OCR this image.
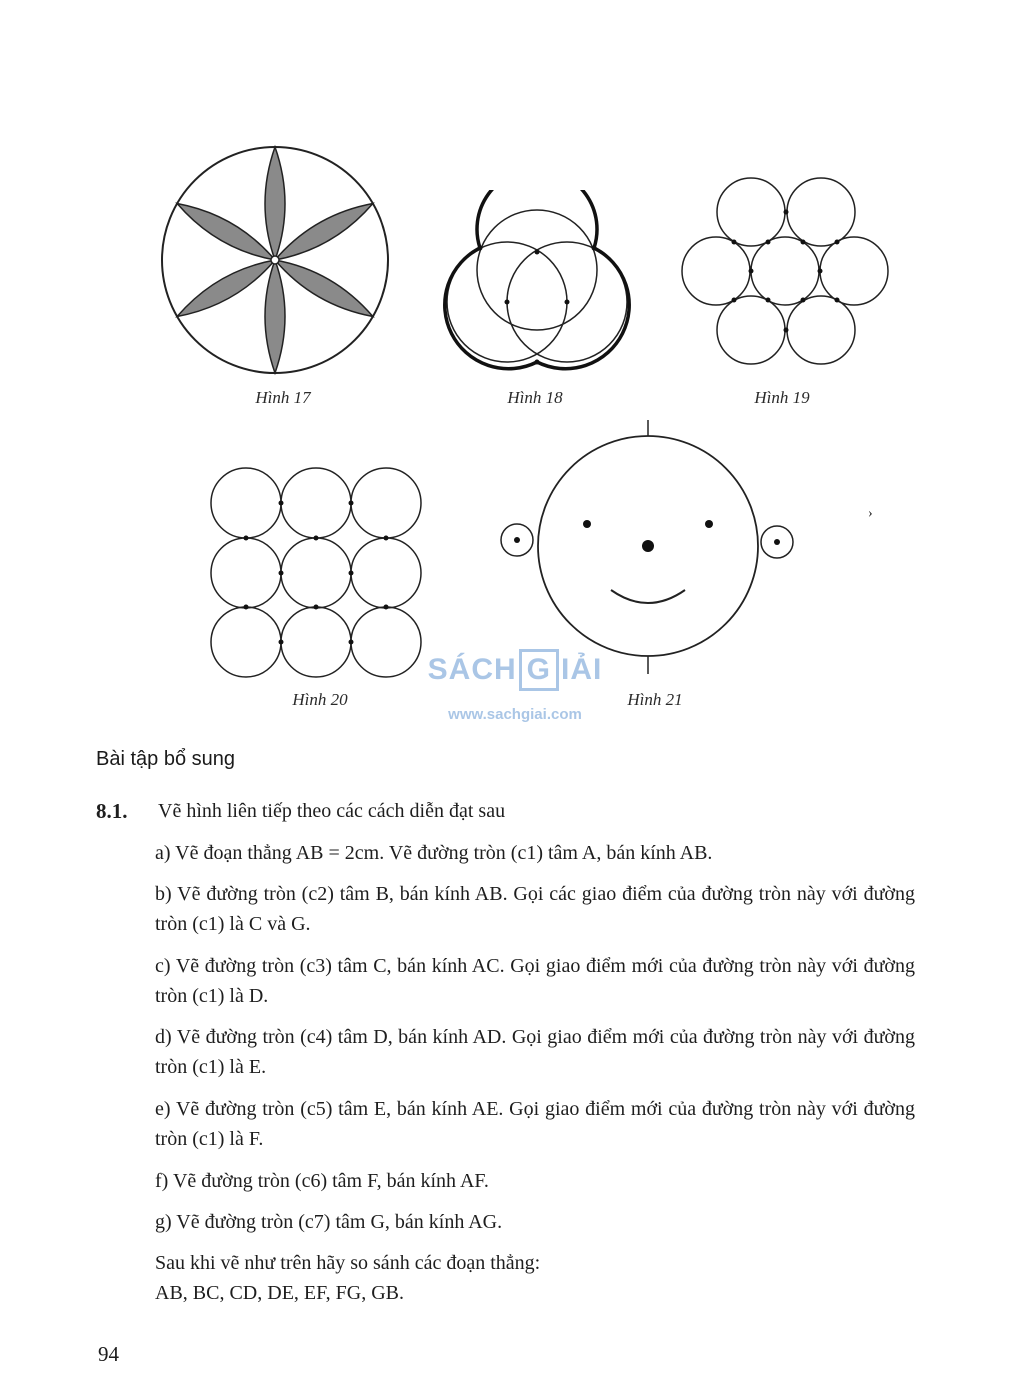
Hình 17	Hình 18	Hình 19
Hình 20	Hình 21
›
SÁCH G IẢI
www.sachgiai.com
Bài tập bổ sung
8.1. Vẽ hình liên tiếp theo các cách diễn đạt sau
a) Vẽ đoạn thẳng AB = 2cm. Vẽ đường tròn (c1) tâm A, bán kính AB.
b) Vẽ đường tròn (c2) tâm B, bán kính AB. Gọi các giao điểm của đường tròn này với đường tròn (c1) là C và G.
c) Vẽ đường tròn (c3) tâm C, bán kính AC. Gọi giao điểm mới của đường tròn này với đường tròn (c1) là D.
d) Vẽ đường tròn (c4) tâm D, bán kính AD. Gọi giao điểm mới của đường tròn này với đường tròn (c1) là E.
e) Vẽ đường tròn (c5) tâm E, bán kính AE. Gọi giao điểm mới của đường tròn này với đường tròn (c1) là F.
f) Vẽ đường tròn (c6) tâm F, bán kính AF.
g) Vẽ đường tròn (c7) tâm G, bán kính AG.
Sau khi vẽ như trên hãy so sánh các đoạn thẳng: AB, BC, CD, DE, EF, FG, GB.
94
